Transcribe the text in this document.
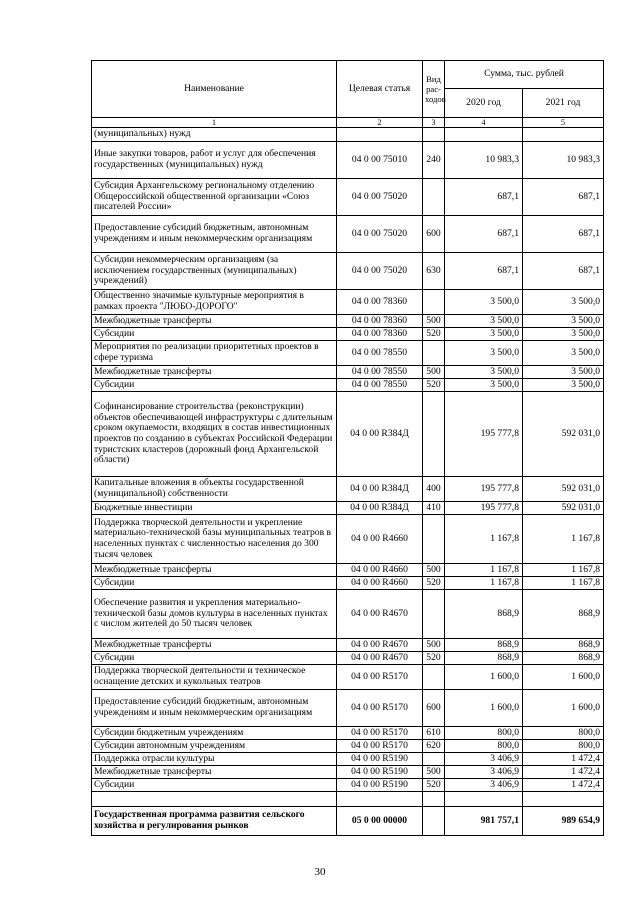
Наименование	Целевая статья	Вид рас-ходов	Сумма, тыс. рублей	
			2020 год	2021 год
1	2	3	4	5
(муниципальных) нужд				
Иные закупки товаров, работ и услуг для обеспечения государственных (муниципальных) нужд	04 0 00 75010	240	10 983,3	10 983,3
Субсидия Архангельскому региональному отделению Общероссийской общественной организации «Союз писателей России»	04 0 00 75020		687,1	687,1
Предоставление субсидий бюджетным, автономным учреждениям и иным некоммерческим организациям	04 0 00 75020	600	687,1	687,1
Субсидии некоммерческим организациям (за исключением государственных (муниципальных) учреждений)	04 0 00 75020	630	687,1	687,1
Общественно значимые культурные мероприятия в рамках проекта "ЛЮБО-ДОРОГО"	04 0 00 78360		3 500,0	3 500,0
Межбюджетные трансферты	04 0 00 78360	500	3 500,0	3 500,0
Субсидии	04 0 00 78360	520	3 500,0	3 500,0
Мероприятия по реализации приоритетных проектов в сфере туризма	04 0 00 78550		3 500,0	3 500,0
Межбюджетные трансферты	04 0 00 78550	500	3 500,0	3 500,0
Субсидии	04 0 00 78550	520	3 500,0	3 500,0
Софинансирование строительства (реконструкции) объектов обеспечивающей инфраструктуры с длительным сроком окупаемости, входящих в состав инвестиционных проектов по созданию в субъектах Российской Федерации туристских кластеров (дорожный фонд Архангельской области)	04 0 00 R384Д		195 777,8	592 031,0
Капитальные вложения в объекты государственной (муниципальной) собственности	04 0 00 R384Д	400	195 777,8	592 031,0
Бюджетные инвестиции	04 0 00 R384Д	410	195 777,8	592 031,0
Поддержка творческой деятельности и укрепление материально-технической базы муниципальных театров в населенных пунктах с численностью населения до 300 тысяч человек	04 0 00 R4660		1 167,8	1 167,8
Межбюджетные трансферты	04 0 00 R4660	500	1 167,8	1 167,8
Субсидии	04 0 00 R4660	520	1 167,8	1 167,8
Обеспечение развития и укрепления материально-технической базы домов культуры в населенных пунктах с числом жителей до 50 тысяч человек	04 0 00 R4670		868,9	868,9
Межбюджетные трансферты	04 0 00 R4670	500	868,9	868,9
Субсидии	04 0 00 R4670	520	868,9	868,9
Поддержка творческой деятельности и техническое оснащение детских и кукольных театров	04 0 00 R5170		1 600,0	1 600,0
Предоставление субсидий бюджетным, автономным учреждениям и иным некоммерческим организациям	04 0 00 R5170	600	1 600,0	1 600,0
Субсидии бюджетным учреждениям	04 0 00 R5170	610	800,0	800,0
Субсидии автономным учреждениям	04 0 00 R5170	620	800,0	800,0
Поддержка отрасли культуры	04 0 00 R5190		3 406,9	1 472,4
Межбюджетные трансферты	04 0 00 R5190	500	3 406,9	1 472,4
Субсидии	04 0 00 R5190	520	3 406,9	1 472,4

Государственная программа развития сельского хозяйства и регулирования рынков	05 0 00 00000		981 757,1	989 654,9
30
